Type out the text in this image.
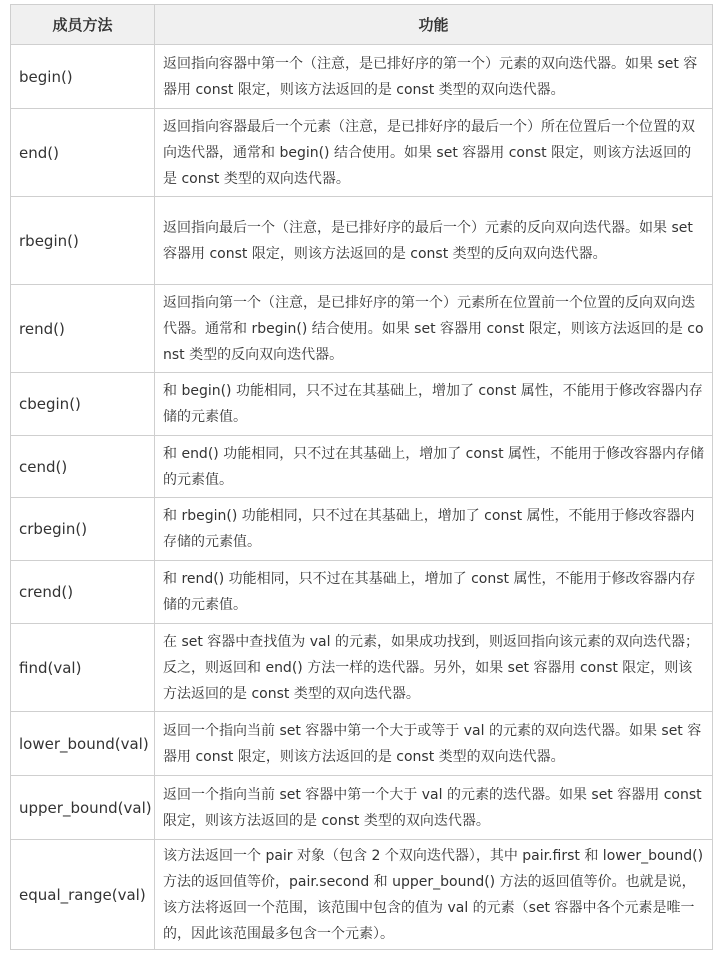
成员方法	功能
begin()	返回指向容器中第一个（注意，是已排好序的第一个）元素的双向迭代器。如果 set 容器用 const 限定，则该方法返回的是 const 类型的双向迭代器。

end()	返回指向容器最后一个元素（注意，是已排好序的最后一个）所在位置后一个位置的双向迭代器，通常和 begin() 结合使用。如果 set 容器用 const 限定，则该方法返回的是 const 类型的双向迭代器。

rbegin()	返回指向最后一个（注意，是已排好序的最后一个）元素的反向双向迭代器。如果 set 容器用 const 限定，则该方法返回的是 const 类型的反向双向迭代器。

rend()	返回指向第一个（注意，是已排好序的第一个）元素所在位置前一个位置的反向双向迭代器。通常和 rbegin() 结合使用。如果 set 容器用 const 限定，则该方法返回的是 const 类型的反向双向迭代器。

cbegin()	和 begin() 功能相同，只不过在其基础上，增加了 const 属性，不能用于修改容器内存储的元素值。

cend()	和 end() 功能相同，只不过在其基础上，增加了 const 属性，不能用于修改容器内存储的元素值。

crbegin()	和 rbegin() 功能相同，只不过在其基础上，增加了 const 属性，不能用于修改容器内存储的元素值。

crend()	和 rend() 功能相同，只不过在其基础上，增加了 const 属性，不能用于修改容器内存储的元素值。

find(val)	在 set 容器中查找值为 val 的元素，如果成功找到，则返回指向该元素的双向迭代器；反之，则返回和 end() 方法一样的迭代器。另外，如果 set 容器用 const 限定，则该方法返回的是 const 类型的双向迭代器。

lower_bound(val)	返回一个指向当前 set 容器中第一个大于或等于 val 的元素的双向迭代器。如果 set 容器用 const 限定，则该方法返回的是 const 类型的双向迭代器。

upper_bound(val)	返回一个指向当前 set 容器中第一个大于 val 的元素的迭代器。如果 set 容器用 const 限定，则该方法返回的是 const 类型的双向迭代器。

equal_range(val)	该方法返回一个 pair 对象（包含 2 个双向迭代器），其中 pair.first 和 lower_bound() 方法的返回值等价，pair.second 和 upper_bound() 方法的返回值等价。也就是说，该方法将返回一个范围，该范围中包含的值为 val 的元素（set 容器中各个元素是唯一的，因此该范围最多包含一个元素）。
